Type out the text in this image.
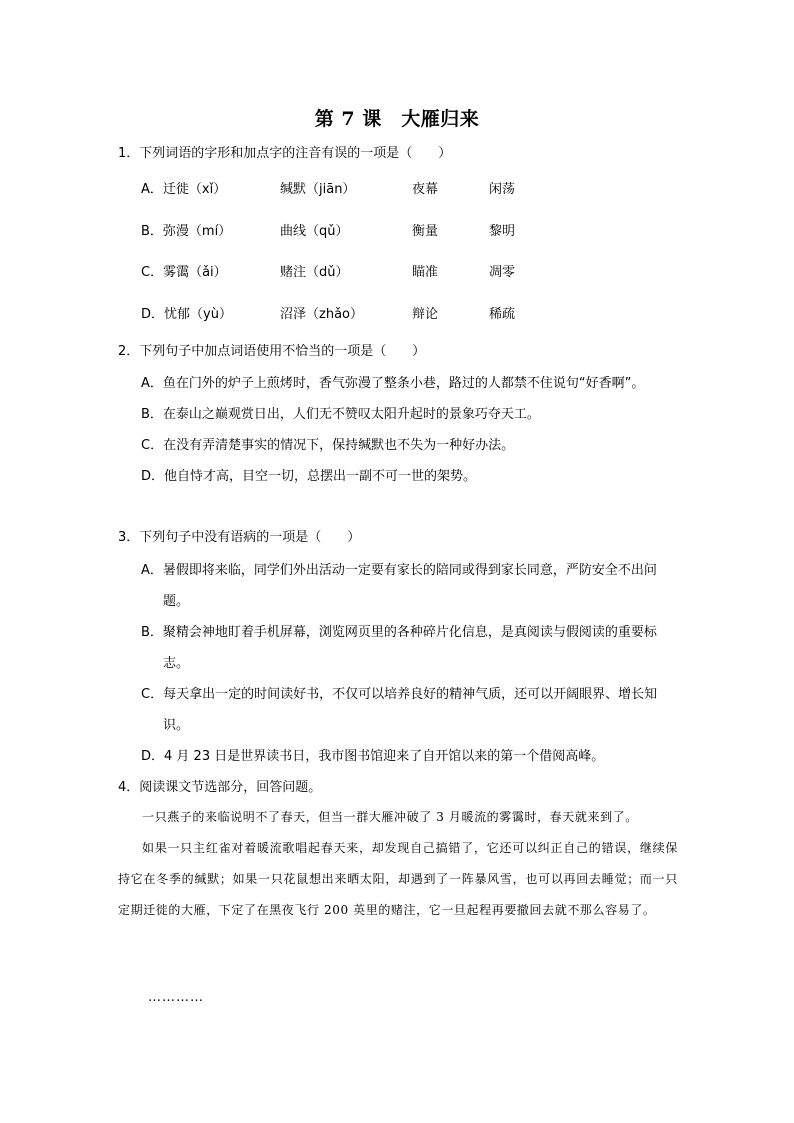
第 7 课　大雁归来
1．下列词语的字形和加点字的注音有误的一项是（　　）
A．迁徙（xǐ）	缄默（jiān）	夜幕	闲荡
B．弥漫（mí）	曲线（qǔ）	衡量	黎明
C．雾霭（ǎi）	赌注（dǔ）	瞄准	凋零
D．忧郁（yù）	沼泽（zhǎo）	辩论	稀疏
2．下列句子中加点词语使用不恰当的一项是（　　）
A．鱼在门外的炉子上煎烤时，香气弥漫了整条小巷，路过的人都禁不住说句“好香啊”。
B．在泰山之巅观赏日出，人们无不赞叹太阳升起时的景象巧夺天工。
C．在没有弄清楚事实的情况下，保持缄默也不失为一种好办法。
D．他自恃才高，目空一切，总摆出一副不可一世的架势。
3．下列句子中没有语病的一项是（　　）
A．暑假即将来临，同学们外出活动一定要有家长的陪同或得到家长同意，严防安全不出问题。
B．聚精会神地盯着手机屏幕，浏览网页里的各种碎片化信息，是真阅读与假阅读的重要标志。
C．每天拿出一定的时间读好书，不仅可以培养良好的精神气质，还可以开阔眼界、增长知识。
D．4 月 23 日是世界读书日，我市图书馆迎来了自开馆以来的第一个借阅高峰。
4．阅读课文节选部分，回答问题。

一只燕子的来临说明不了春天，但当一群大雁冲破了 3 月暖流的雾霭时，春天就来到了。

如果一只主红雀对着暖流歌唱起春天来，却发现自己搞错了，它还可以纠正自己的错误，继续保持它在冬季的缄默；如果一只花鼠想出来晒太阳，却遇到了一阵暴风雪，也可以再回去睡觉；而一只定期迁徙的大雁，下定了在黑夜飞行 200 英里的赌注，它一旦起程再要撤回去就不那么容易了。

…………
